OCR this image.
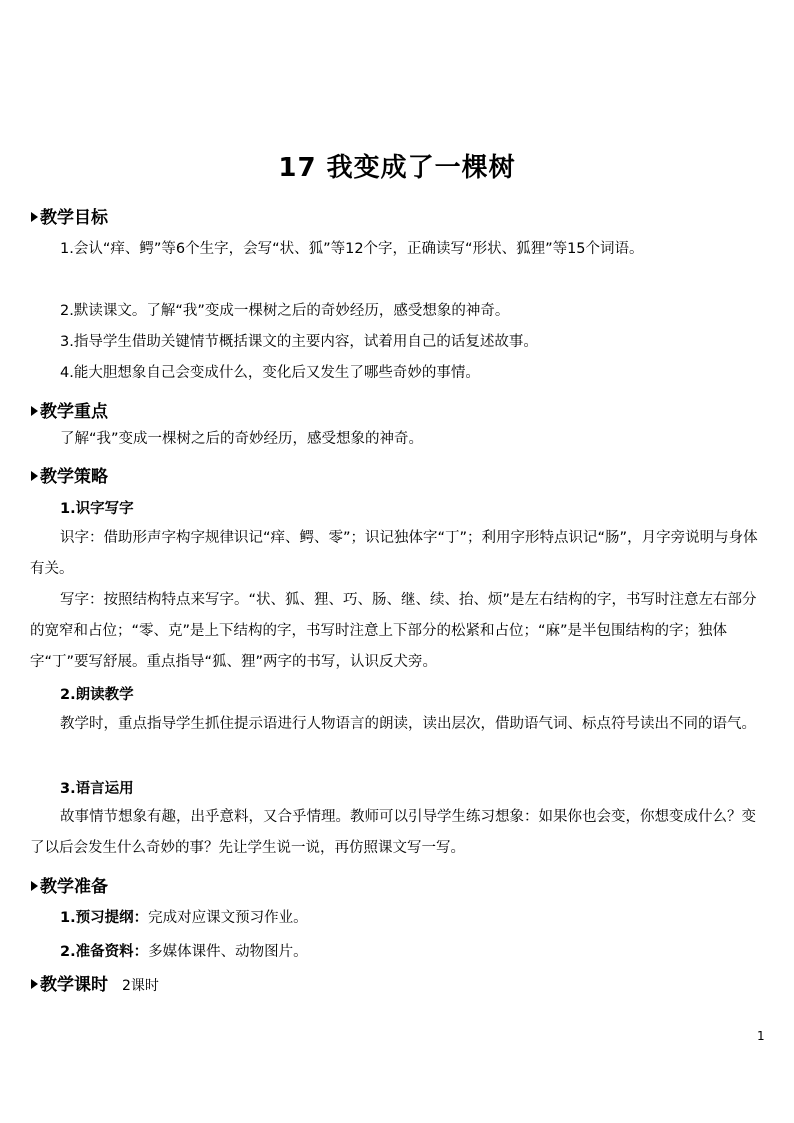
17 我变成了一棵树
教学目标
1.会认“痒、鳄”等6个生字，会写“状、狐”等12个字，正确读写“形状、狐狸”等15个词语。
2.默读课文。了解“我”变成一棵树之后的奇妙经历，感受想象的神奇。
3.指导学生借助关键情节概括课文的主要内容，试着用自己的话复述故事。
4.能大胆想象自己会变成什么，变化后又发生了哪些奇妙的事情。
教学重点
了解“我”变成一棵树之后的奇妙经历，感受想象的神奇。
教学策略
1.识字写字
识字：借助形声字构字规律识记“痒、鳄、零”；识记独体字“丁”；利用字形特点识记“肠”，月字旁说明与身体有关。
写字：按照结构特点来写字。“状、狐、狸、巧、肠、继、续、抬、烦”是左右结构的字，书写时注意左右部分的宽窄和占位；“零、克”是上下结构的字，书写时注意上下部分的松紧和占位；“麻”是半包围结构的字；独体字“丁”要写舒展。重点指导“狐、狸”两字的书写，认识反犬旁。
2.朗读教学
教学时，重点指导学生抓住提示语进行人物语言的朗读，读出层次，借助语气词、标点符号读出不同的语气。
3.语言运用
故事情节想象有趣，出乎意料，又合乎情理。教师可以引导学生练习想象：如果你也会变，你想变成什么？变了以后会发生什么奇妙的事？先让学生说一说，再仿照课文写一写。
教学准备
1.预习提纲：完成对应课文预习作业。
2.准备资料：多媒体课件、动物图片。
教学课时 2课时
1
